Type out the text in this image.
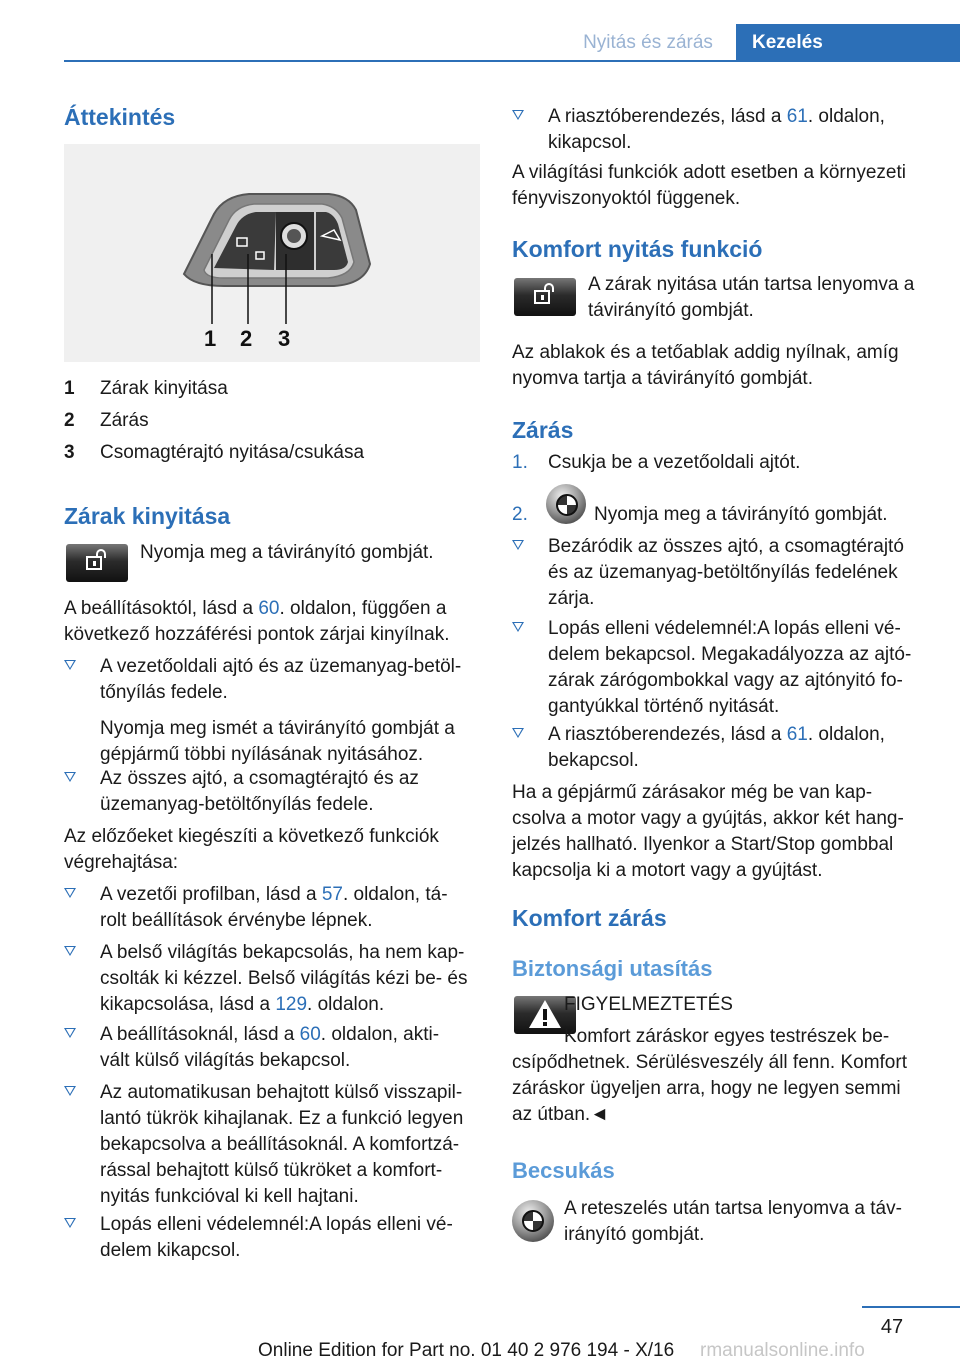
Nyitás és zárás	Kezelés
Áttekintés
1 2 3
1 Zárak kinyitása
2 Zárás
3 Csomagtérajtó nyitása/csukása
Zárak kinyitása

Nyomja meg a távirányító gombját.

A beállításoktól, lásd a 60. oldalon, függően a
következő hozzáférési pontok zárjai kinyílnak.

A vezetőoldali ajtó és az üzemanyag-betöl-
tőnyílás fedele.
Nyomja meg ismét a távirányító gombját a
gépjármű többi nyílásának nyitásához.
Az összes ajtó, a csomagtérajtó és az
üzemanyag-betöltőnyílás fedele.

Az előzőeket kiegészíti a következő funkciók
végrehajtása:

A vezetői profilban, lásd a 57. oldalon, tá-
rolt beállítások érvénybe lépnek.
A belső világítás bekapcsolás, ha nem kap-
csolták ki kézzel. Belső világítás kézi be- és
kikapcsolása, lásd a 129. oldalon.
A beállításoknál, lásd a 60. oldalon, akti-
vált külső világítás bekapcsol.
Az automatikusan behajtott külső visszapil-
lantó tükrök kihajlanak. Ez a funkció legyen
bekapcsolva a beállításoknál. A komfortzá-
rással behajtott külső tükröket a komfort-
nyitás funkcióval ki kell hajtani.
Lopás elleni védelemnél:A lopás elleni vé-
delem kikapcsol.
A riasztóberendezés, lásd a 61. oldalon,
kikapcsol.

A világítási funkciók adott esetben a környezeti
fényviszonyoktól függenek.

Komfort nyitás funkció

A zárak nyitása után tartsa lenyomva a
távirányító gombját.

Az ablakok és a tetőablak addig nyílnak, amíg
nyomva tartja a távirányító gombját.

Zárás
1. Csukja be a vezetőoldali ajtót.
2.	Nyomja meg a távirányító gombját.
Bezáródik az összes ajtó, a csomagtérajtó
és az üzemanyag-betöltőnyílás fedelének
zárja.
Lopás elleni védelemnél:A lopás elleni vé-
delem bekapcsol. Megakadályozza az ajtó-
zárak zárógombokkal vagy az ajtónyitó fo-
gantyúkkal történő nyitását.
A riasztóberendezés, lásd a 61. oldalon,
bekapcsol.

Ha a gépjármű zárásakor még be van kap-
csolva a motor vagy a gyújtás, akkor két hang-
jelzés hallható. Ilyenkor a Start/Stop gombbal
kapcsolja ki a motort vagy a gyújtást.

Komfort zárás
Biztonsági utasítás

FIGYELMEZTETÉS

Komfort záráskor egyes testrészek be-

csípődhetnek. Sérülésveszély áll fenn. Komfort
záráskor ügyeljen arra, hogy ne legyen semmi
az útban.◄

Becsukás

A reteszelés után tartsa lenyomva a táv-
irányító gombját.

47
Online Edition for Part no. 01 40 2 976 194 - X/16 rmanualsonline.info
